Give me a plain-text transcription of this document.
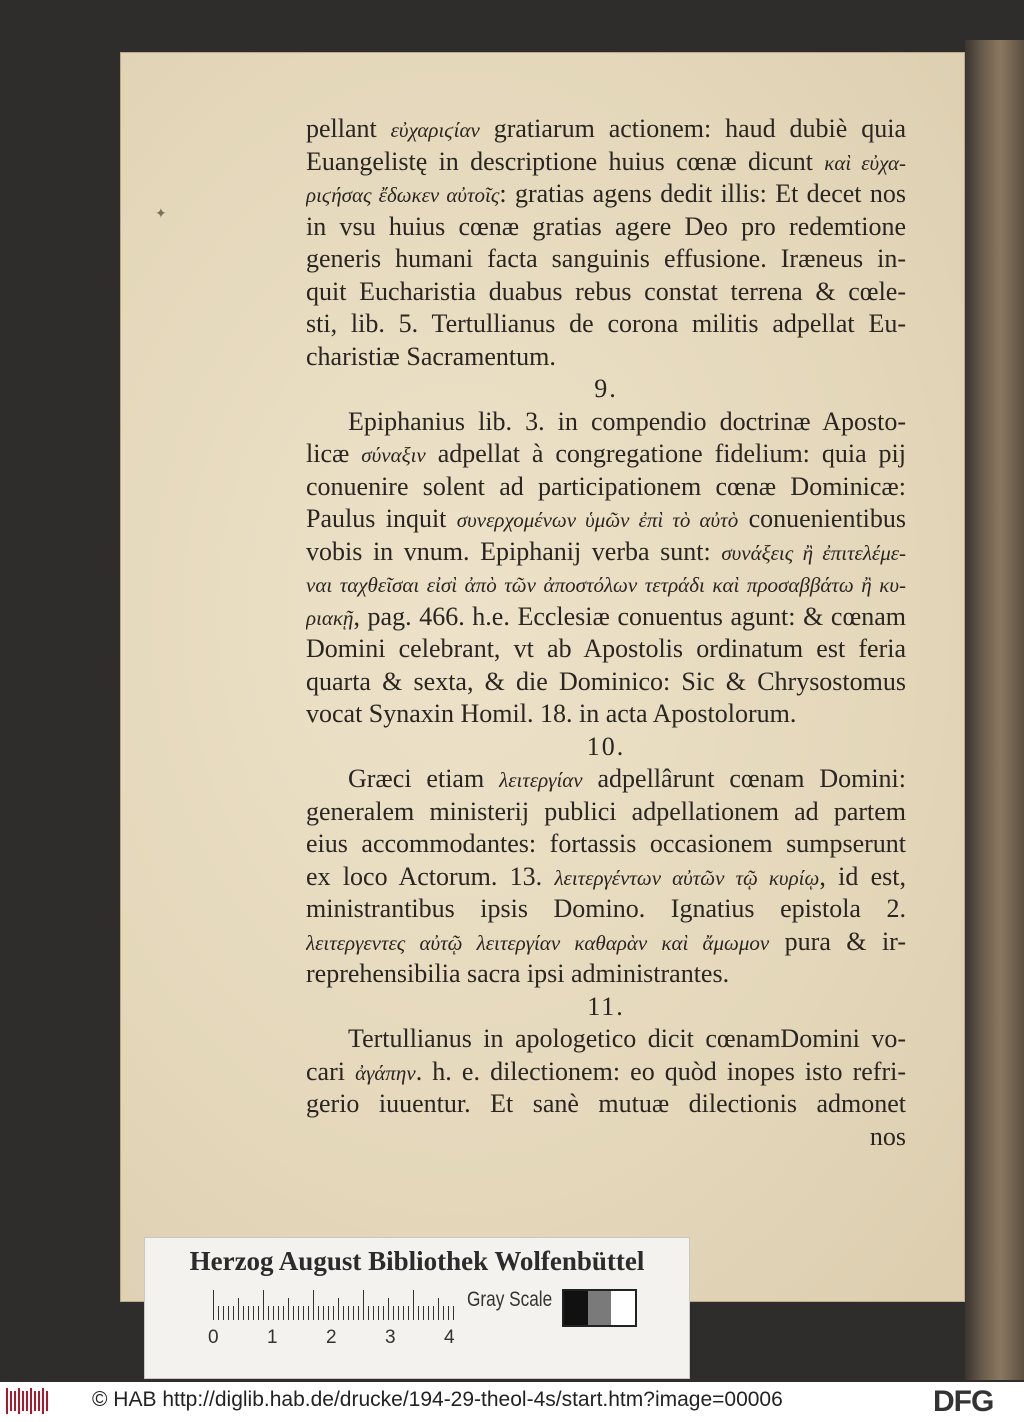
✦
pellant εὐχαριϛίαν gratiarum actionem: haud dubiè quia
Euangelistę in descriptione huius cœnæ dicunt καὶ εὐχα-
ριϛήσας ἔδωκεν αὐτοῖς: gratias agens dedit illis: Et decet nos
in vsu huius cœnæ gratias agere Deo pro redemtione
generis humani facta sanguinis effusione. Iræneus in-
quit Eucharistia duabus rebus constat terrena & cœle-
sti, lib. 5. Tertullianus de corona militis adpellat Eu-
charistiæ Sacramentum.
9.
Epiphanius lib. 3. in compendio doctrinæ Aposto-
licæ σύναξιν adpellat à congregatione fidelium: quia pij
conuenire solent ad participationem cœnæ Dominicæ:
Paulus inquit συνερχομένων ὑμῶν ἐπὶ τὸ αὐτὸ conuenientibus
vobis in vnum. Epiphanij verba sunt: συνάξεις ἢ ἐπιτελέμε-
ναι ταχθεῖσαι εἰσὶ ἀπὸ τῶν ἀποστόλων τετράδι καὶ προσαββάτω ἢ κυ-
ριακῇ, pag. 466. h.e. Ecclesiæ conuentus agunt: & cœnam
Domini celebrant, vt ab Apostolis ordinatum est feria
quarta & sexta, & die Dominico: Sic & Chrysostomus
vocat Synaxin Homil. 18. in acta Apostolorum.
10.
Græci etiam λειτεργίαν adpellârunt cœnam Domini:
generalem ministerij publici adpellationem ad partem
eius accommodantes: fortassis occasionem sumpserunt
ex loco Actorum. 13. λειτεργέντων αὐτῶν τῷ κυρίῳ, id est,
ministrantibus ipsis Domino. Ignatius epistola 2.
λειτεργεντες αὐτῷ λειτεργίαν καθαρὰν καὶ ἄμωμον pura & ir-
reprehensibilia sacra ipsi administrantes.
11.
Tertullianus in apologetico dicit cœnamDomini vo-
cari ἀγάπην. h. e. dilectionem: eo quòd inopes isto refri-
gerio iuuentur. Et sanè mutuæ dilectionis admonet
nos
Herzog August Bibliothek Wolfenbüttel
0	1	2	3	4
Gray Scale
© HAB http://diglib.hab.de/drucke/194-29-theol-4s/start.htm?image=00006	DFG
